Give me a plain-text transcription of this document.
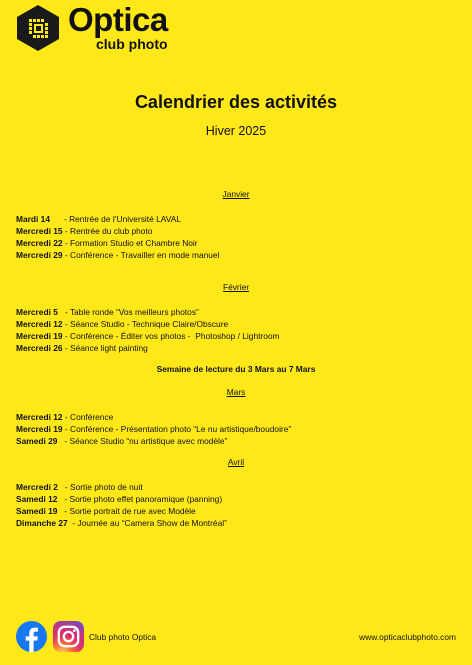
Optica
club photo
Calendrier des activités
Hiver 2025
Janvier
Mardi 14      - Rentrée de l’Université LAVAL
Mercredi 15 - Rentrée du club photo
Mercredi 22 - Formation Studio et Chambre Noir
Mercredi 29 - Conférence - Travailler en mode manuel
Février
Mercredi 5   - Table ronde “Vos meilleurs photos”
Mercredi 12 - Séance Studio - Technique Claire/Obscure
Mercredi 19 - Conférence - Éditer vos photos -  Photoshop / Lightroom
Mercredi 26 - Séance light painting
Semaine de lecture du 3 Mars au 7 Mars
Mars
Mercredi 12 - Conférence
Mercredi 19 - Conférence - Présentation photo “Le nu artistique/boudoire”
Samedi 29   - Séance Studio “nu artistique avec modèle”
Avril
Mercredi 2   - Sortie photo de nuit
Samedi 12   - Sortie photo effet panoramique (panning)
Samedi 19   - Sortie portrait de rue avec Modèle
Dimanche 27  - Journée au “Camera Show de Montréal”
Club photo Optica	www.opticaclubphoto.com
